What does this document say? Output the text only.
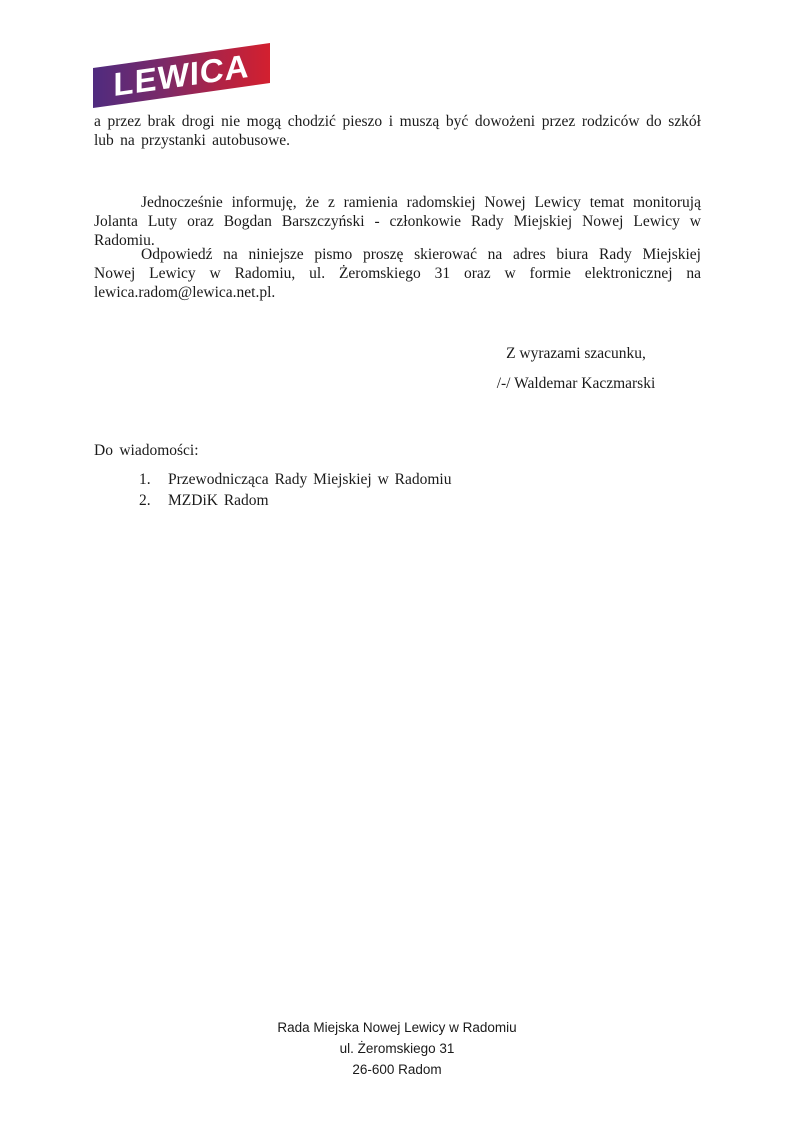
LEWICA

a przez brak drogi nie mogą chodzić pieszo i muszą być dowożeni przez rodziców do szkół lub na przystanki autobusowe.

Jednocześnie informuję, że z ramienia radomskiej Nowej Lewicy temat monitorują Jolanta Luty oraz Bogdan Barszczyński - członkowie Rady Miejskiej Nowej Lewicy w Radomiu.

Odpowiedź na niniejsze pismo proszę skierować na adres biura Rady Miejskiej Nowej Lewicy w Radomiu, ul. Żeromskiego 31 oraz w formie elektronicznej na lewica.radom@lewica.net.pl.

Z wyrazami szacunku,
/-/ Waldemar Kaczmarski
Do wiadomości:
1.	Przewodnicząca Rady Miejskiej w Radomiu
2.	MZDiK Radom
Rada Miejska Nowej Lewicy w Radomiu
ul. Żeromskiego 31
26-600 Radom
